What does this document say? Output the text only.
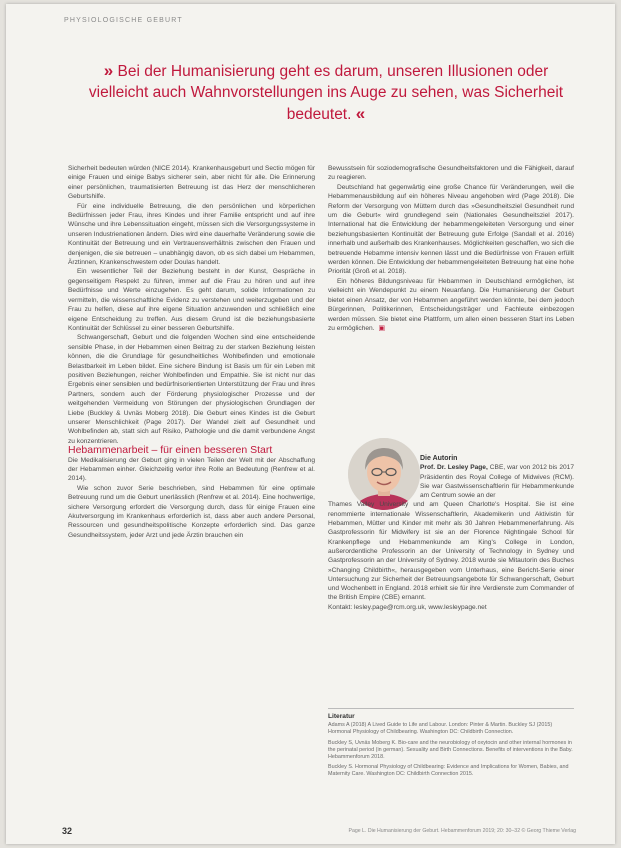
PHYSIOLOGISCHE GEBURT
» Bei der Humanisierung geht es darum, unseren Illusionen oder vielleicht auch Wahnvorstellungen ins Auge zu sehen, was Sicherheit bedeutet. «

Sicherheit bedeuten würden (NICE 2014). Krankenhausgeburt und Sectio mögen für einige Frauen und einige Babys sicherer sein, aber nicht für alle. Die Erinnerung einer persönlichen, traumatisierten Betreuung ist das Herz der menschlicheren Geburtshilfe.

Für eine individuelle Betreuung, die den persönlichen und körperlichen Bedürfnissen jeder Frau, ihres Kindes und ihrer Familie entspricht und auf ihre Wünsche und ihre Lebenssituation eingeht, müssen sich die Versorgungssysteme in unseren Industrienationen ändern. Dies wird eine dauerhafte Veränderung sowie die Kontinuität der Betreuung und ein Vertrauensverhältnis zwischen den Frauen und denjenigen, die sie betreuen – unabhängig davon, ob es sich dabei um Hebammen, Ärztinnen, Krankenschwestern oder Doulas handelt.

Ein wesentlicher Teil der Beziehung besteht in der Kunst, Gespräche in gegenseitigem Respekt zu führen, immer auf die Frau zu hören und auf ihre Bedürfnisse und Werte einzugehen. Es geht darum, solide Informationen zu vermitteln, die wissenschaftliche Evidenz zu verstehen und weiterzugeben und der Frau zu helfen, diese auf ihre eigene Situation anzuwenden und schließlich eine eigene Entscheidung zu treffen. Aus diesem Grund ist die beziehungsbasierte Kontinuität der Schlüssel zu einer besseren Geburtshilfe.

Schwangerschaft, Geburt und die folgenden Wochen sind eine entscheidende sensible Phase, in der Hebammen einen Beitrag zu der starken Beziehung leisten können, die die Grundlage für gesundheitliches Wohlbefinden und emotionale Belastbarkeit im Leben bildet. Eine sichere Bindung ist Basis um für ein Leben mit positiven Beziehungen, reicher Wohlbefinden und Empathie. Sie ist nicht nur das Ergebnis einer sensiblen und bedürfnisorientierten Unterstützung der Frau und ihres Partners, sondern auch der Förderung physiologischer Prozesse und der weitgehenden Vermeidung von Störungen der physiologischen Grundlagen der Liebe (Buckley & Uvnäs Moberg 2018). Die Geburt eines Kindes ist die Geburt unserer Menschlichkeit (Page 2017). Der Wandel zielt auf Gesundheit und Wohlbefinden ab, statt sich auf Risiko, Pathologie und die damit verbundene Angst zu konzentrieren.

Hebammenarbeit – für einen besseren Start

Die Medikalisierung der Geburt ging in vielen Teilen der Welt mit der Abschaffung der Hebammen einher. Gleichzeitig verlor ihre Rolle an Bedeutung (Renfrew et al. 2014).

Wie schon zuvor Serie beschrieben, sind Hebammen für eine optimale Betreuung rund um die Geburt unerlässlich (Renfrew et al. 2014). Eine hochwertige, sichere Versorgung erfordert die Versorgung durch, dass für einige Frauen eine Akutversorgung im Krankenhaus erforderlich ist, dass aber auch andere Personal, Ressourcen und gesundheitspolitische Konzepte erforderlich sind. Das ganze Gesundheitssystem, jeder Arzt und jede Ärztin brauchen ein

Bewusstsein für soziodemografische Gesundheitsfaktoren und die Fähigkeit, darauf zu reagieren.

Deutschland hat gegenwärtig eine große Chance für Veränderungen, weil die Hebammenausbildung auf ein höheres Niveau angehoben wird (Page 2018). Die Reform der Versorgung von Müttern durch das »Gesundheitsziel Gesundheit rund um die Geburt« wird grundlegend sein (Nationales Gesundheitsziel 2017). International hat die Entwicklung der hebammengeleiteten Versorgung und einer beziehungsbasierten Kontinuität der Betreuung gute Erfolge (Sandall et al. 2016) innerhalb und außerhalb des Krankenhauses. Möglichkeiten geschaffen, wo sich die betreuende Hebamme intensiv kennen lässt und die Bedürfnisse von Frauen erfüllt werden können. Die Entwicklung der hebammengeleiteten Betreuung hat eine hohe Priorität (Groß et al. 2018).

Ein höheres Bildungsniveau für Hebammen in Deutschland ermöglichen, ist vielleicht ein Wendepunkt zu einem Neuanfang. Die Humanisierung der Geburt bietet einen Ansatz, der von Hebammen angeführt werden könnte, bei dem jedoch Bürgerinnen, Politikerinnen, Entscheidungsträger und Fachleute einbezogen werden müssen. Sie bietet eine Plattform, um allen einen besseren Start ins Leben zu ermöglichen. ▣

Die Autorin
Prof. Dr. Lesley Page, CBE, war von 2012 bis 2017 Präsidentin des Royal College of Midwives (RCM). Sie war Gastwissenschaftlerin für Hebammenkunde am Centrum sowie an der
Thames Valley University und am Queen Charlotte's Hospital. Sie ist eine renommierte internationale Wissenschaftlerin, Akademikerin und Aktivistin für Hebammen, Mütter und Kinder mit mehr als 30 Jahren Hebammenerfahrung. Als Gastprofessorin für Midwifery ist sie an der Florence Nightingale School für Krankenpflege und Hebammenkunde am King's College in London, außerordentliche Professorin an der University of Technology in Sydney und Gastprofessorin an der University of Sydney. 2018 wurde sie Mitautorin des Buches »Changing Childbirth«, herausgegeben vom Unterhaus, eine Bericht-Serie einer Untersuchung zur Sicherheit der Betreuungsangebote für Schwangerschaft, Geburt und Wochenbett in England. 2018 erhielt sie für ihre Verdienste zum Commander of the British Empire (CBE) ernannt.
Kontakt: lesley.page@rcm.org.uk, www.lesleypage.net
Literatur

Adams A (2018) A Lived Guide to Life and Labour. London: Pinter & Martin. Buckley SJ (2015) Hormonal Physiology of Childbearing. Washington DC: Childbirth Connection.

Buckley S, Uvnäs Moberg K. Bio-care and the neurobiology of oxytocin and other internal hormones in the perinatal period (in german). Sexuality and Birth Connections. Benefits of interventions in the Baby. Hebammenforum 2018.

Buckley S. Hormonal Physiology of Childbearing: Evidence and Implications for Women, Babies, and Maternity Care. Washington DC: Childbirth Connection 2015.

32	Page L. Die Humanisierung der Geburt. Hebammenforum 2019; 20: 30–32 © Georg Thieme Verlag
